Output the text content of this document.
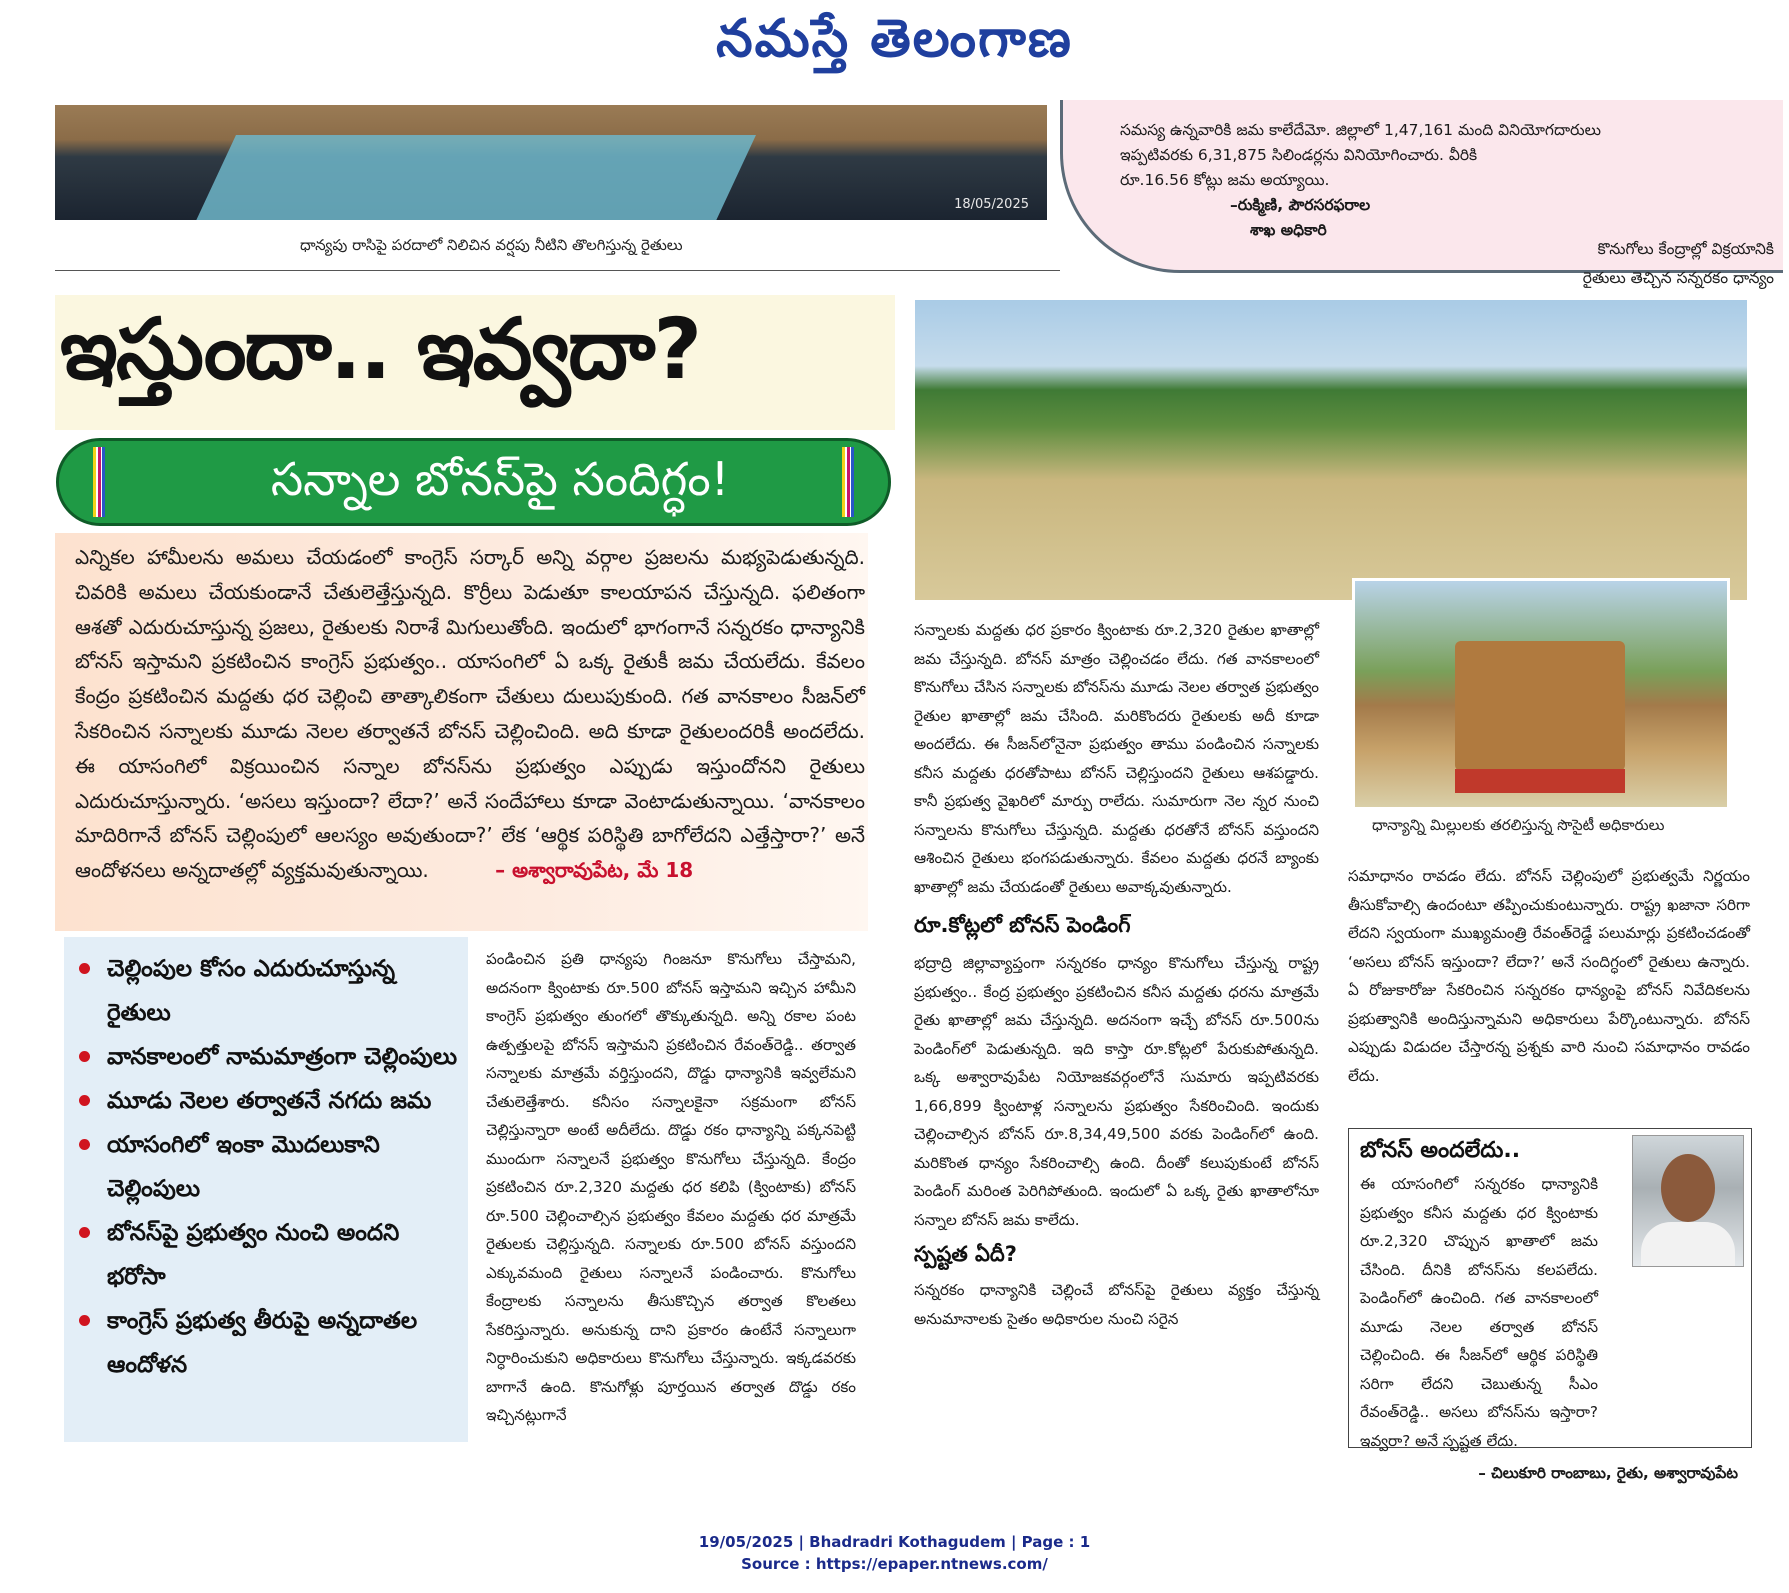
నమస్తే తెలంగాణ
18/05/2025
ధాన్యపు రాసిపై పరదాలో నిలిచిన వర్షపు నీటిని తొలగిస్తున్న రైతులు
సమస్య ఉన్నవారికి జమ కాలేదేమో. జిల్లాలో 1,47,161 మంది వినియోగదారులు
ఇప్పటివరకు 6,31,875 సిలిండర్లను వినియోగించారు. వీరికి
రూ.16.56 కోట్లు జమ అయ్యాయి.
–రుక్మిణి, పౌరసరఫరాల
శాఖ అధికారి
కొనుగోలు కేంద్రాల్లో విక్రయానికి
రైతులు తెచ్చిన సన్నరకం ధాన్యం
ఇస్తుందా.. ఇవ్వదా?
సన్నాల బోనస్‌పై సందిగ్ధం!
ఎన్నికల హామీలను అమలు చేయడంలో కాంగ్రెస్ సర్కార్ అన్ని వర్గాల ప్రజలను మభ్యపెడుతున్నది. చివరికి అమలు చేయకుండానే చేతులెత్తేస్తున్నది. కొర్రీలు పెడుతూ కాలయాపన చేస్తున్నది. ఫలితంగా ఆశతో ఎదురుచూస్తున్న ప్రజలు, రైతులకు నిరాశే మిగులుతోంది. ఇందులో భాగంగానే సన్నరకం ధాన్యానికి బోనస్ ఇస్తామని ప్రకటించిన కాంగ్రెస్ ప్రభుత్వం.. యాసంగిలో ఏ ఒక్క రైతుకీ జమ చేయలేదు. కేవలం కేంద్రం ప్రకటించిన మద్దతు ధర చెల్లించి తాత్కాలికంగా చేతులు దులుపుకుంది. గత వానకాలం సీజన్‌లో సేకరించిన సన్నాలకు మూడు నెలల తర్వాతనే బోనస్ చెల్లించింది. అది కూడా రైతులందరికీ అందలేదు. ఈ యాసంగిలో విక్రయించిన సన్నాల బోనస్‌ను ప్రభుత్వం ఎప్పుడు ఇస్తుందోనని రైతులు ఎదురుచూస్తున్నారు. ‘అసలు ఇస్తుందా? లేదా?’ అనే సందేహాలు కూడా వెంటాడుతున్నాయి. ‘వానకాలం మాదిరిగానే బోనస్ చెల్లింపులో ఆలస్యం అవుతుందా?’ లేక ‘ఆర్థిక పరిస్థితి బాగోలేదని ఎత్తేస్తారా?’ అనే ఆందోళనలు అన్నదాతల్లో వ్యక్తమవుతున్నాయి.	– అశ్వారావుపేట, మే 18
చెల్లింపుల కోసం ఎదురుచూస్తున్న రైతులు
వానకాలంలో నామమాత్రంగా చెల్లింపులు
మూడు నెలల తర్వాతనే నగదు జమ
యాసంగిలో ఇంకా మొదలుకాని చెల్లింపులు
బోనస్‌పై ప్రభుత్వం నుంచి అందని భరోసా
కాంగ్రెస్ ప్రభుత్వ తీరుపై అన్నదాతల ఆందోళన
పండించిన ప్రతి ధాన్యపు గింజనూ కొనుగోలు చేస్తామని, అదనంగా క్వింటాకు రూ.500 బోనస్ ఇస్తామని ఇచ్చిన హామీని కాంగ్రెస్ ప్రభుత్వం తుంగలో తొక్కుతున్నది. అన్ని రకాల పంట ఉత్పత్తులపై బోనస్ ఇస్తామని ప్రకటించిన రేవంత్‌రెడ్డి.. తర్వాత సన్నాలకు మాత్రమే వర్తిస్తుందని, దొడ్డు ధాన్యానికి ఇవ్వలేమని చేతులెత్తేశారు. కనీసం సన్నాలకైనా సక్రమంగా బోనస్ చెల్లిస్తున్నారా అంటే అదీలేదు. దొడ్డు రకం ధాన్యాన్ని పక్కనపెట్టి ముందుగా సన్నాలనే ప్రభుత్వం కొనుగోలు చేస్తున్నది. కేంద్రం ప్రకటించిన రూ.2,320 మద్దతు ధర కలిపి (క్వింటాకు) బోనస్ రూ.500 చెల్లించాల్సిన ప్రభుత్వం కేవలం మద్దతు ధర మాత్రమే రైతులకు చెల్లిస్తున్నది. సన్నాలకు రూ.500 బోనస్ వస్తుందని ఎక్కువమంది రైతులు సన్నాలనే పండించారు. కొనుగోలు కేంద్రాలకు సన్నాలను తీసుకొచ్చిన తర్వాత కొలతలు సేకరిస్తున్నారు. అనుకున్న దాని ప్రకారం ఉంటేనే సన్నాలుగా నిర్ధారించుకుని అధికారులు కొనుగోలు చేస్తున్నారు. ఇక్కడవరకు బాగానే ఉంది. కొనుగోళ్లు పూర్తయిన తర్వాత దొడ్డు రకం ఇచ్చినట్లుగానే
ధాన్యాన్ని మిల్లులకు తరలిస్తున్న సొసైటీ అధికారులు
సన్నాలకు మద్దతు ధర ప్రకారం క్వింటాకు రూ.2,320 రైతుల ఖాతాల్లో జమ చేస్తున్నది. బోనస్ మాత్రం చెల్లించడం లేదు. గత వానకాలంలో కొనుగోలు చేసిన సన్నాలకు బోనస్‌ను మూడు నెలల తర్వాత ప్రభుత్వం రైతుల ఖాతాల్లో జమ చేసింది. మరికొందరు రైతులకు అదీ కూడా అందలేదు. ఈ సీజన్‌లోనైనా ప్రభుత్వం తాము పండించిన సన్నాలకు కనీస మద్దతు ధరతోపాటు బోనస్ చెల్లిస్తుందని రైతులు ఆశపడ్డారు. కానీ ప్రభుత్వ వైఖరిలో మార్పు రాలేదు. సుమారుగా నెల న్నర నుంచి సన్నాలను కొనుగోలు చేస్తున్నది. మద్దతు ధరతోనే బోనస్ వస్తుందని ఆశించిన రైతులు భంగపడుతున్నారు. కేవలం మద్దతు ధరనే బ్యాంకు ఖాతాల్లో జమ చేయడంతో రైతులు అవాక్కవుతున్నారు.
రూ.కోట్లలో బోనస్ పెండింగ్
భద్రాద్రి జిల్లావ్యాప్తంగా సన్నరకం ధాన్యం కొనుగోలు చేస్తున్న రాష్ట్ర ప్రభుత్వం.. కేంద్ర ప్రభుత్వం ప్రకటించిన కనీస మద్దతు ధరను మాత్రమే రైతు ఖాతాల్లో జమ చేస్తున్నది. అదనంగా ఇచ్చే బోనస్ రూ.500ను పెండింగ్‌లో పెడుతున్నది. ఇది కాస్తా రూ.కోట్లలో పేరుకుపోతున్నది. ఒక్క అశ్వారావుపేట నియోజకవర్గంలోనే సుమారు ఇప్పటివరకు 1,66,899 క్వింటాళ్ల సన్నాలను ప్రభుత్వం సేకరించింది. ఇందుకు చెల్లించాల్సిన బోనస్ రూ.8,34,49,500 వరకు పెండింగ్‌లో ఉంది. మరికొంత ధాన్యం సేకరించాల్సి ఉంది. దీంతో కలుపుకుంటే బోనస్ పెండింగ్ మరింత పెరిగిపోతుంది. ఇందులో ఏ ఒక్క రైతు ఖాతాలోనూ సన్నాల బోనస్ జమ కాలేదు.
స్పష్టత ఏదీ?
సన్నరకం ధాన్యానికి చెల్లించే బోనస్‌పై రైతులు వ్యక్తం చేస్తున్న అనుమానాలకు సైతం అధికారుల నుంచి సరైన
సమాధానం రావడం లేదు. బోనస్ చెల్లింపులో ప్రభుత్వమే నిర్ణయం తీసుకోవాల్సి ఉందంటూ తప్పించుకుంటున్నారు. రాష్ట్ర ఖజానా సరిగా లేదని స్వయంగా ముఖ్యమంత్రి రేవంత్‌రెడ్డే పలుమార్లు ప్రకటించడంతో ‘అసలు బోనస్ ఇస్తుందా? లేదా?’ అనే సందిగ్ధంలో రైతులు ఉన్నారు. ఏ రోజుకారోజు సేకరించిన సన్నరకం ధాన్యంపై బోనస్ నివేదికలను ప్రభుత్వానికి అందిస్తున్నామని అధికారులు పేర్కొంటున్నారు. బోనస్ ఎప్పుడు విడుదల చేస్తారన్న ప్రశ్నకు వారి నుంచి సమాధానం రావడం లేదు.
బోనస్ అందలేదు..
ఈ యాసంగిలో సన్నరకం ధాన్యానికి ప్రభుత్వం కనీస మద్దతు ధర క్వింటాకు రూ.2,320 చొప్పున ఖాతాలో జమ చేసింది. దీనికి బోనస్‌ను కలపలేదు. పెండింగ్‌లో ఉంచింది. గత వానకాలంలో మూడు నెలల తర్వాత బోనస్ చెల్లించింది. ఈ సీజన్‌లో ఆర్థిక పరిస్థితి సరిగా లేదని చెబుతున్న సీఎం రేవంత్‌రెడ్డి.. అసలు బోనస్‌ను ఇస్తారా? ఇవ్వరా? అనే స్పష్టత లేదు.
– చిలుకూరి రాంబాబు, రైతు, అశ్వారావుపేట
19/05/2025 | Bhadradri Kothagudem | Page : 1
Source : https://epaper.ntnews.com/
